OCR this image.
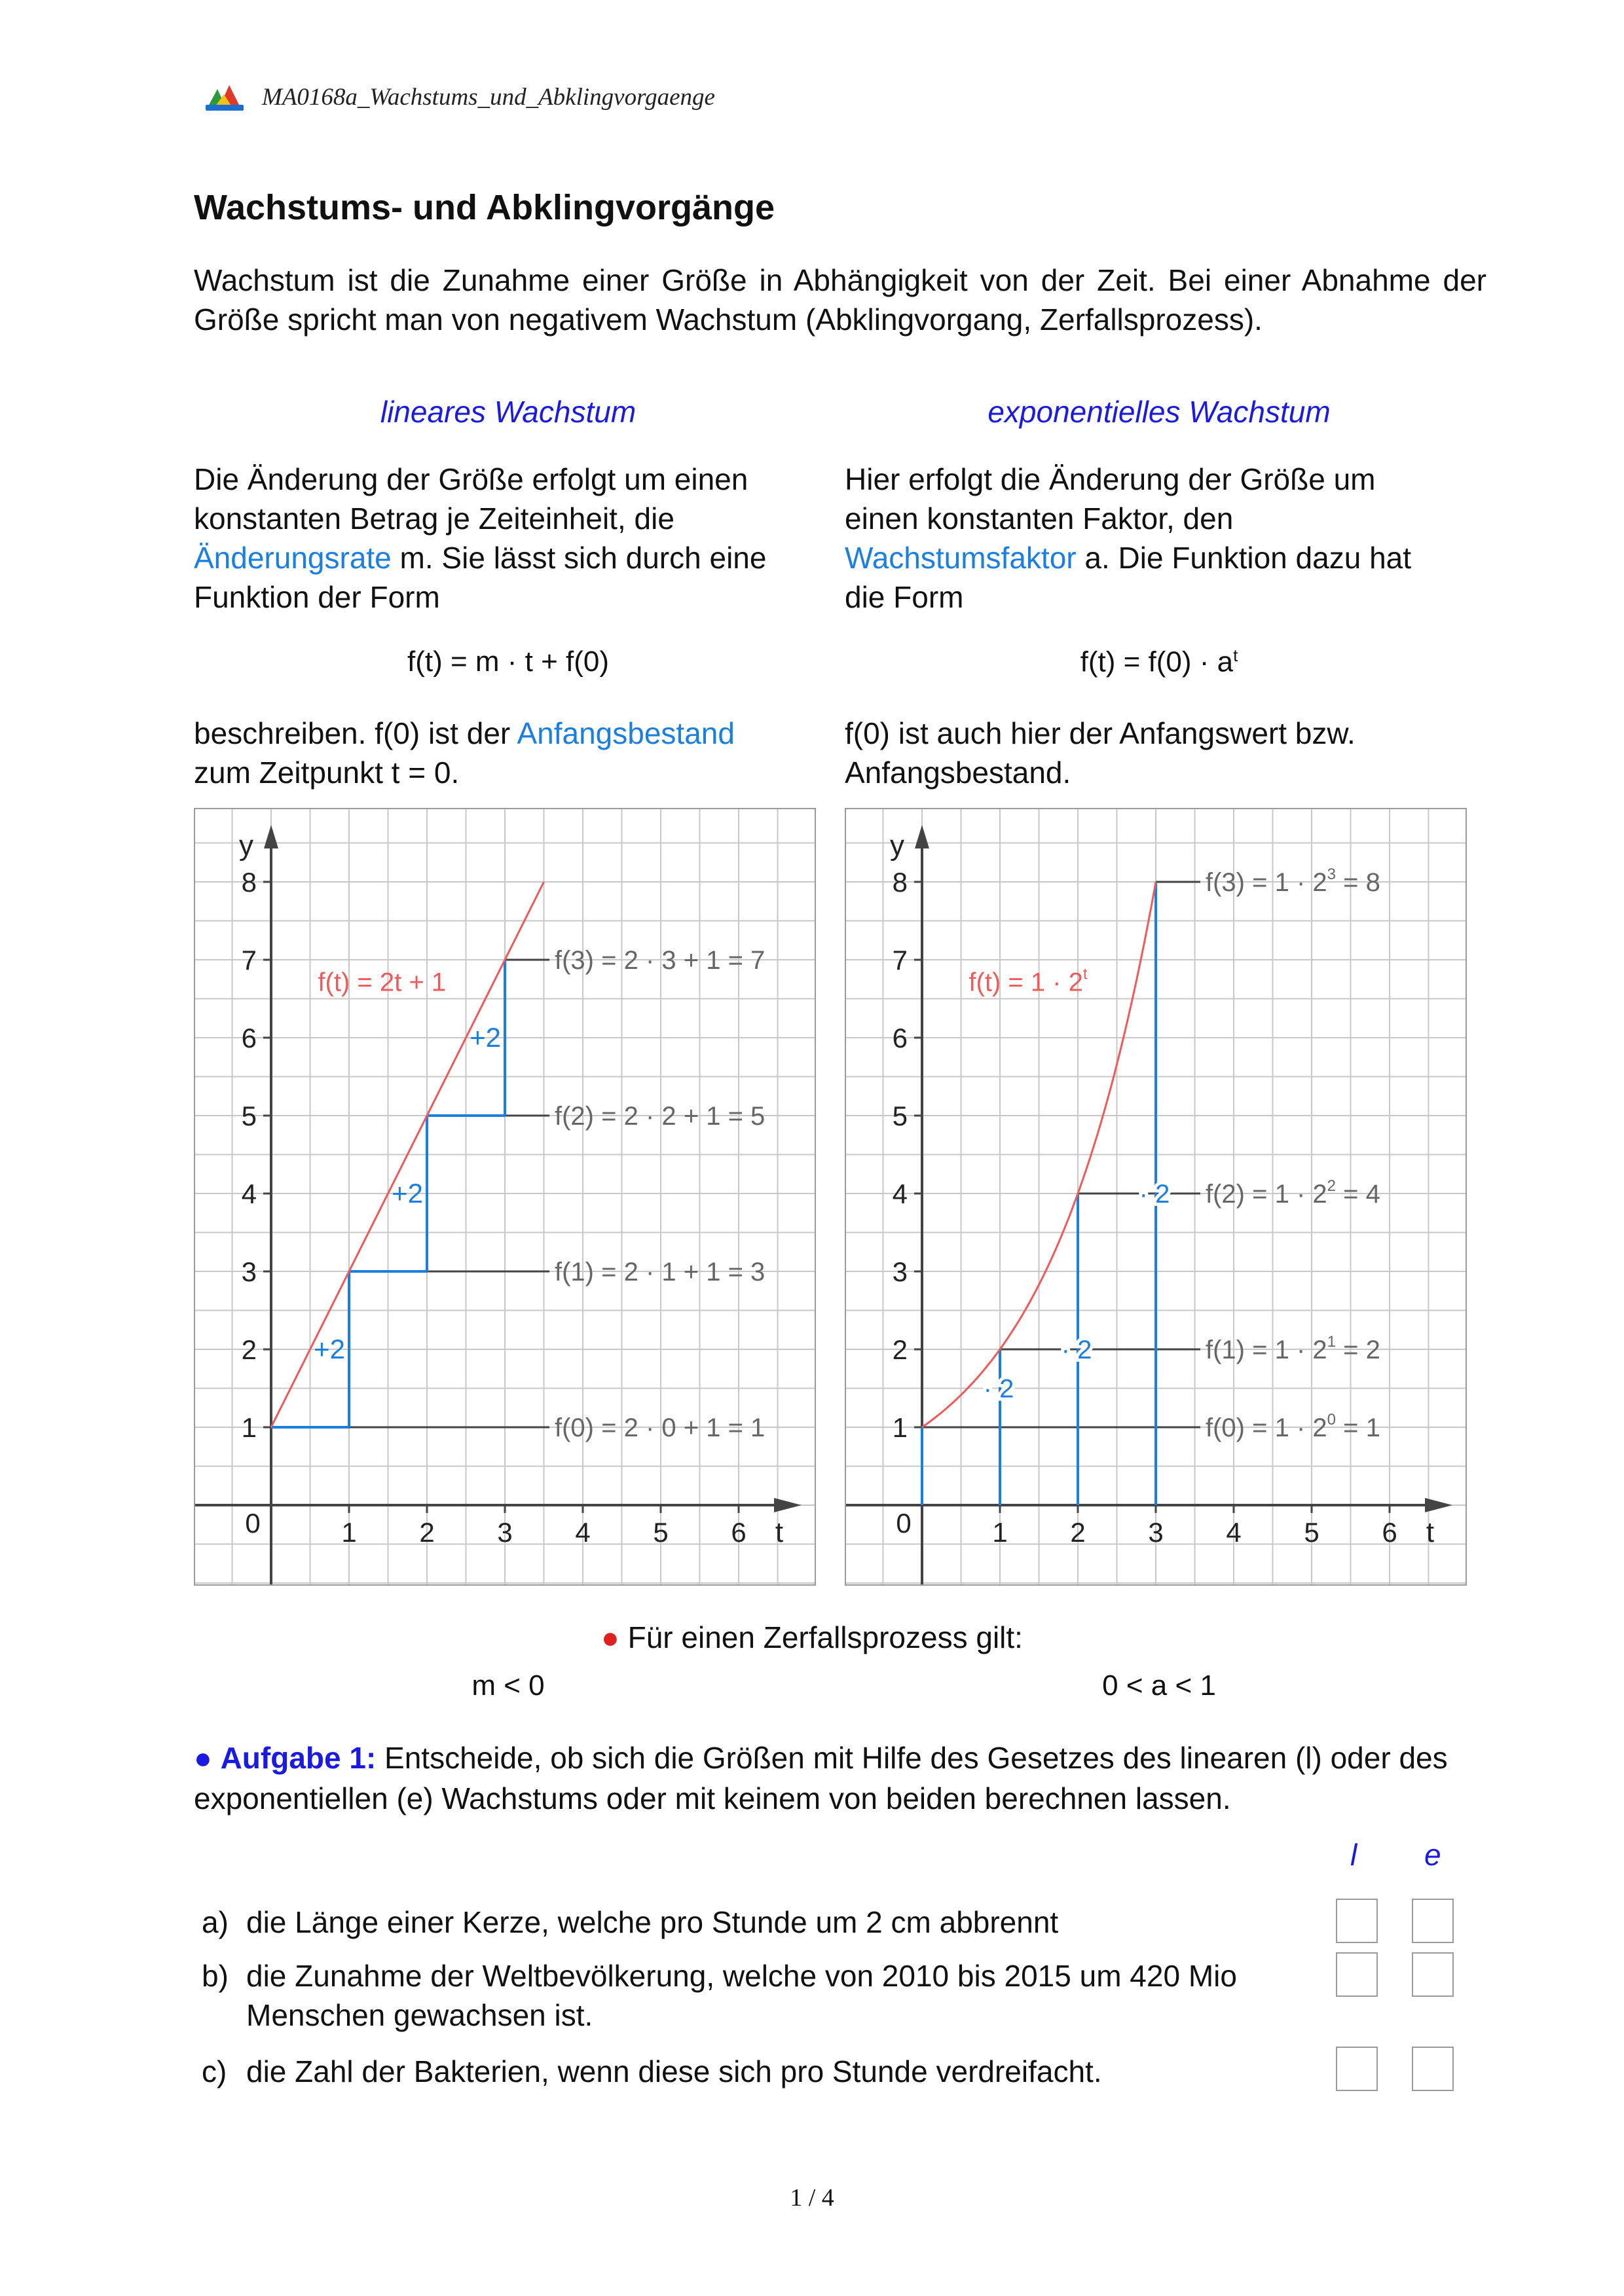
MA0168a_Wachstums_und_Abklingvorgaenge
Wachstums- und Abklingvorgänge
Wachstum ist die Zunahme einer Größe in Abhängigkeit von der Zeit. Bei einer Abnahme der Größe spricht man von negativem Wachstum (Abklingvorgang, Zerfallsprozess).
lineares Wachstum	exponentielles Wachstum
Die Änderung der Größe erfolgt um einen konstanten Betrag je Zeiteinheit, die Änderungsrate m. Sie lässt sich durch eine Funktion der Form
Hier erfolgt die Änderung der Größe um einen konstanten Faktor, den Wachstumsfaktor a. Die Funktion dazu hat die Form
f(t) = m · t + f(0)	$f(t) = f(0) \cdot a^t$
beschreiben. f(0) ist der Anfangsbestand
zum Zeitpunkt t = 0.
f(0) ist auch hier der Anfangswert bzw.
Anfangsbestand.
1
2
3
4
5
6
7
8
1 2 3 4 5 6
0
y
t
+2
+2
+2
f(t) = 2t + 1
f(0) = 2 · 0 + 1 = 1
f(1) = 2 · 1 + 1 = 3
f(2) = 2 · 2 + 1 = 5
f(3) = 2 · 3 + 1 = 7
1
2
3
4
5
6
7
8
1 2 3 4 5 6
0
y
t
$f(t) = 1 \cdot 2^t$
· 2
· 2
· 2
$f(0) = 1 \cdot 2^0 = 1$
$f(1) = 1 \cdot 2^1 = 2$
$f(2) = 1 \cdot 2^2 = 4$
$f(3) = 1 \cdot 2^3 = 8$
● Für einen Zerfallsprozess gilt:
m < 0	0 < a < 1
● Aufgabe 1: Entscheide, ob sich die Größen mit Hilfe des Gesetzes des linearen (l) oder des exponentiellen (e) Wachstums oder mit keinem von beiden berechnen lassen.
l e
a) die Länge einer Kerze, welche pro Stunde um 2 cm abbrennt
b) die Zunahme der Weltbevölkerung, welche von 2010 bis 2015 um 420 Mio Menschen gewachsen ist.
c) die Zahl der Bakterien, wenn diese sich pro Stunde verdreifacht.
1 / 4
